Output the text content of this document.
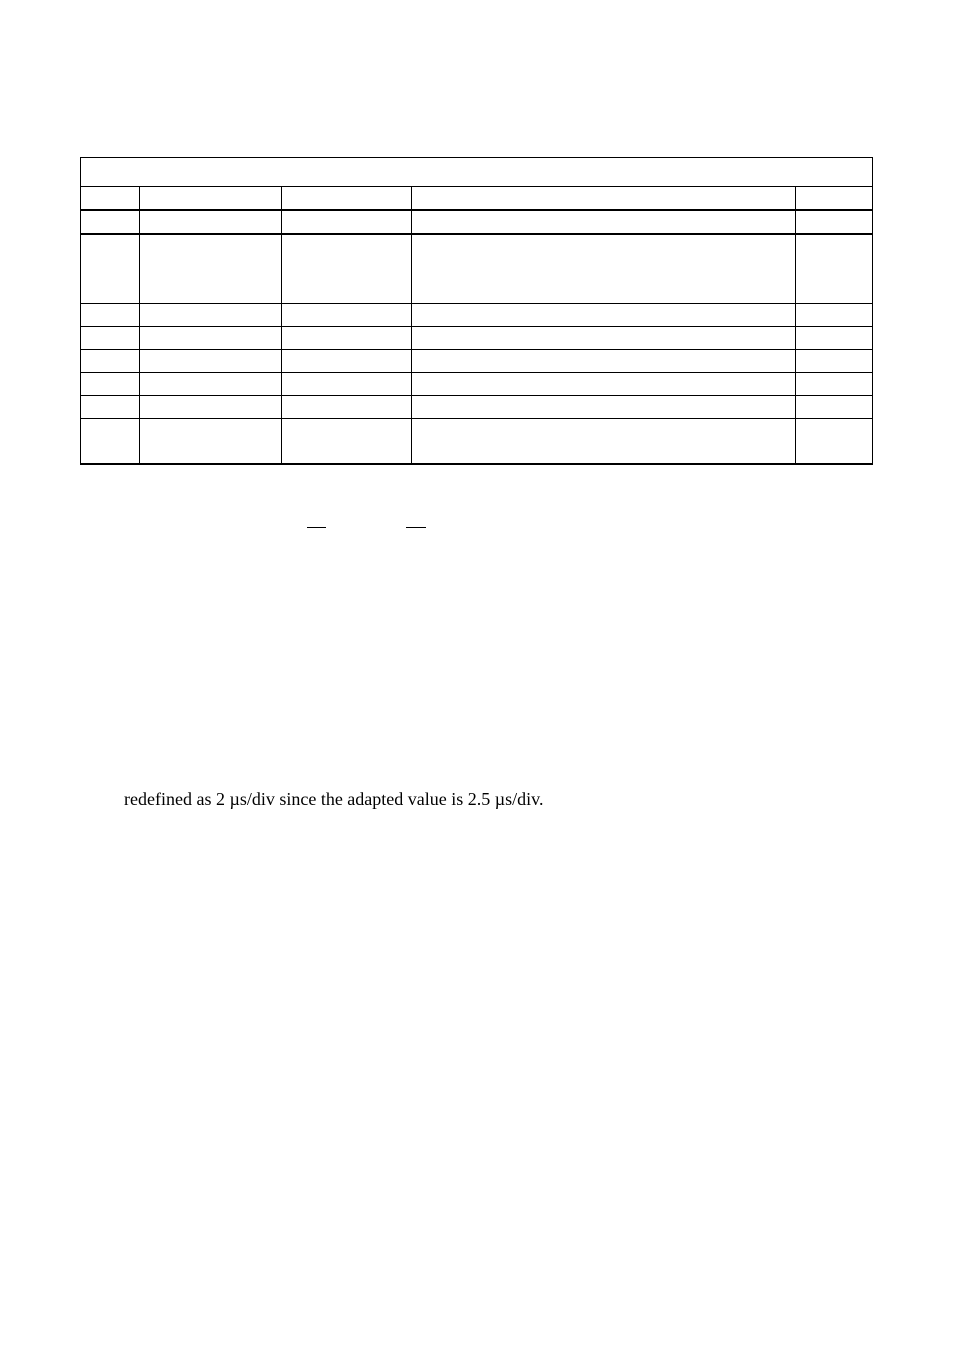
redefined as 2 µs/div since the adapted value is 2.5 µs/div.
